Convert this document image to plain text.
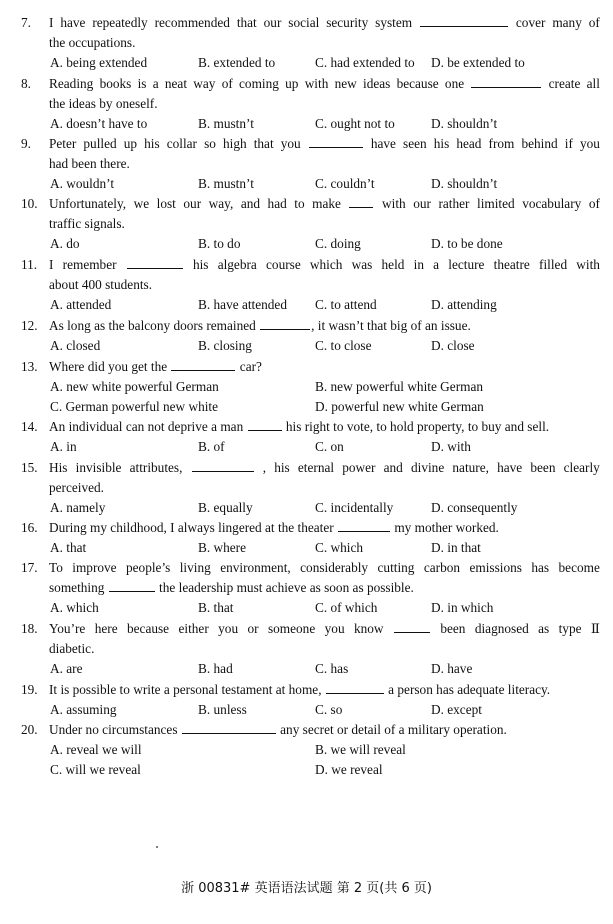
7. I have repeatedly recommended that our social security system	cover many of
the occupations.
A. being extended	B. extended to	C. had extended to D. be extended to
8. Reading books is a neat way of coming up with new ideas because one	create all
the ideas by oneself.
A. doesn’t have to	B. mustn’t	C. ought not to	D. shouldn’t
9. Peter pulled up his collar so high that you	have seen his head from behind if you
had been there.
A. wouldn’t	B. mustn’t	C. couldn’t	D. shouldn’t
10. Unfortunately, we lost our way, and had to make	with our rather limited vocabulary of
traffic signals.
A. do	B. to do	C. doing	D. to be done
11. I remember	his algebra course which was held in a lecture theatre filled with
about 400 students.
A. attended	B. have attended C. to attend	D. attending
12. As long as the balcony doors remained	, it wasn’t that big of an issue.
A. closed	B. closing	C. to close	D. close
13. Where did you get the	car?
A. new white powerful German	B. new powerful white German
C. German powerful new white	D. powerful new white German
14. An individual can not deprive a man	his right to vote, to hold property, to buy and sell.
A. in	B. of	C. on	D. with
15. His invisible attributes,	, his eternal power and divine nature, have been clearly
perceived.
A. namely	B. equally	C. incidentally	D. consequently
16. During my childhood, I always lingered at the theater	my mother worked.
A. that	B. where	C. which	D. in that
17. To improve people’s living environment, considerably cutting carbon emissions has become
something	the leadership must achieve as soon as possible.
A. which	B. that	C. of which	D. in which
18. You’re here because either you or someone you know	been diagnosed as type Ⅱ
diabetic.
A. are	B. had	C. has	D. have
19. It is possible to write a personal testament at home,	a person has adequate literacy.
A. assuming	B. unless	C. so	D. except
20. Under no circumstances	any secret or detail of a military operation.
A. reveal we will	B. we will reveal
C. will we reveal	D. we reveal
浙 00831# 英语语法试题 第 2 页(共 6 页)
